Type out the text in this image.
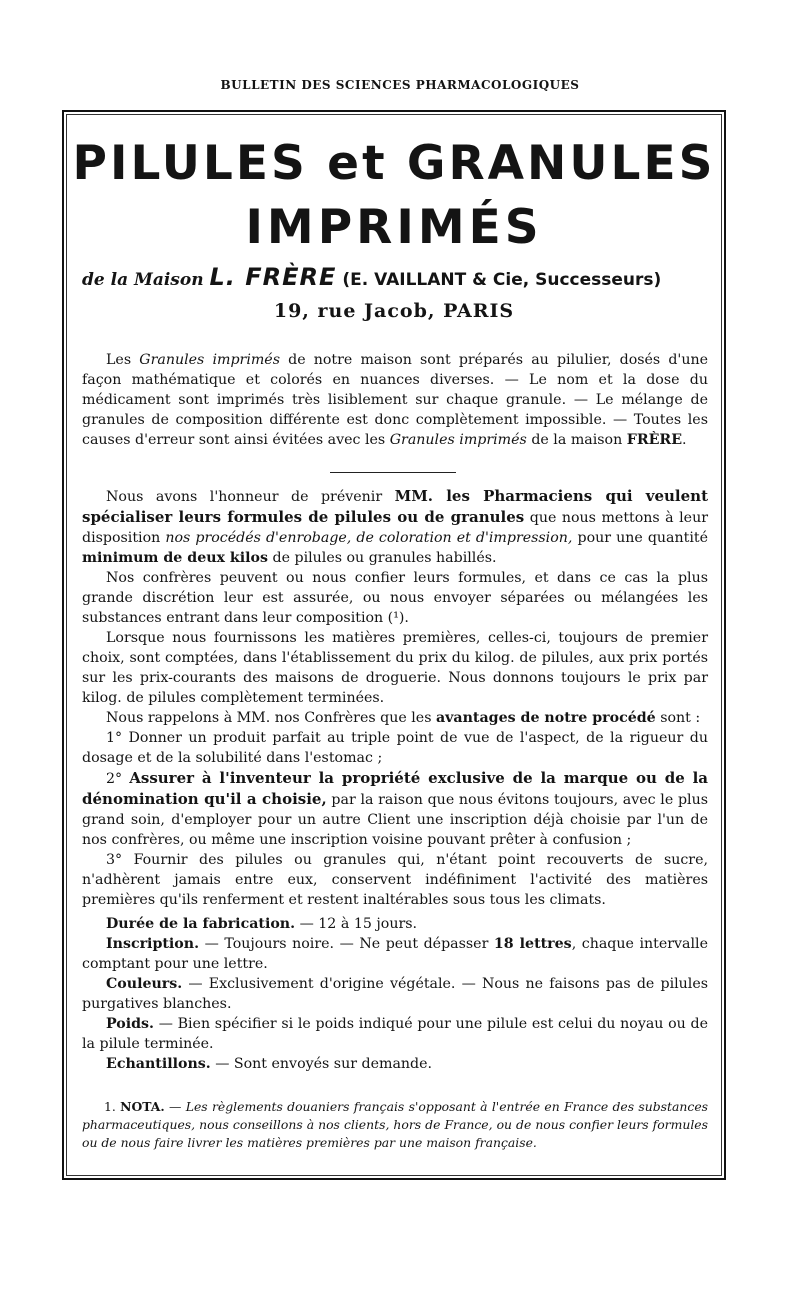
BULLETIN DES SCIENCES PHARMACOLOGIQUES
PILULES et GRANULES
IMPRIMÉS
de la Maison L. FRÈRE (E. VAILLANT & Cie, Successeurs)
19, rue Jacob, PARIS

Les Granules imprimés de notre maison sont préparés au pilulier, dosés d'une façon mathématique et colorés en nuances diverses. — Le nom et la dose du médicament sont imprimés très lisiblement sur chaque granule. — Le mélange de granules de composition différente est donc complètement impossible. — Toutes les causes d'erreur sont ainsi évitées avec les Granules imprimés de la maison FRÈRE.

Nous avons l'honneur de prévenir MM. les Pharmaciens qui veulent spécialiser leurs formules de pilules ou de granules que nous mettons à leur disposition nos procédés d'enrobage, de coloration et d'impression, pour une quantité minimum de deux kilos de pilules ou granules habillés.

Nos confrères peuvent ou nous confier leurs formules, et dans ce cas la plus grande discrétion leur est assurée, ou nous envoyer séparées ou mélangées les substances entrant dans leur composition (¹).

Lorsque nous fournissons les matières premières, celles-ci, toujours de premier choix, sont comptées, dans l'établissement du prix du kilog. de pilules, aux prix portés sur les prix-courants des maisons de droguerie. Nous donnons toujours le prix par kilog. de pilules complètement terminées.

Nous rappelons à MM. nos Confrères que les avantages de notre procédé sont :

1° Donner un produit parfait au triple point de vue de l'aspect, de la rigueur du dosage et de la solubilité dans l'estomac ;

2° Assurer à l'inventeur la propriété exclusive de la marque ou de la dénomination qu'il a choisie, par la raison que nous évitons toujours, avec le plus grand soin, d'employer pour un autre Client une inscription déjà choisie par l'un de nos confrères, ou même une inscription voisine pouvant prêter à confusion ;

3° Fournir des pilules ou granules qui, n'étant point recouverts de sucre, n'adhèrent jamais entre eux, conservent indéfiniment l'activité des matières premières qu'ils renferment et restent inaltérables sous tous les climats.

Durée de la fabrication. — 12 à 15 jours.

Inscription. — Toujours noire. — Ne peut dépasser 18 lettres, chaque intervalle comptant pour une lettre.

Couleurs. — Exclusivement d'origine végétale. — Nous ne faisons pas de pilules purgatives blanches.

Poids. — Bien spécifier si le poids indiqué pour une pilule est celui du noyau ou de la pilule terminée.

Echantillons. — Sont envoyés sur demande.

1. NOTA. — Les règlements douaniers français s'opposant à l'entrée en France des substances pharmaceutiques, nous conseillons à nos clients, hors de France, ou de nous confier leurs formules ou de nous faire livrer les matières premières par une maison française.
